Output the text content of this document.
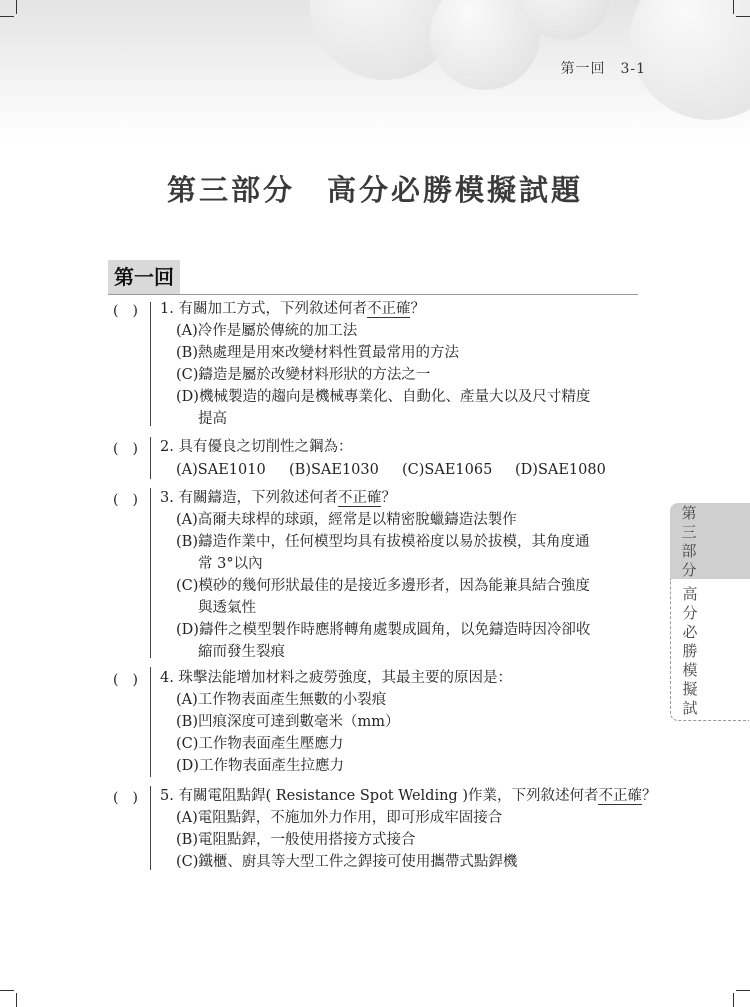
第一回　3-1
第三部分　高分必勝模擬試題
第一回
(　) 1. 有關加工方式，下列敘述何者不正確？
(A)冷作是屬於傳統的加工法
(B)熱處理是用來改變材料性質最常用的方法
(C)鑄造是屬於改變材料形狀的方法之一
(D)機械製造的趨向是機械專業化、自動化、產量大以及尺寸精度
提高
(　) 2. 具有優良之切削性之鋼為：
(A)SAE1010 (B)SAE1030 (C)SAE1065 (D)SAE1080
(　) 3. 有關鑄造，下列敘述何者不正確？
(A)高爾夫球桿的球頭，經常是以精密脫蠟鑄造法製作
(B)鑄造作業中，任何模型均具有拔模裕度以易於拔模，其角度通
常 3°以內
(C)模砂的幾何形狀最佳的是接近多邊形者，因為能兼具結合強度
與透氣性
(D)鑄件之模型製作時應將轉角處製成圓角，以免鑄造時因冷卻收
縮而發生裂痕
(　) 4. 珠擊法能增加材料之疲勞強度，其最主要的原因是：
(A)工作物表面產生無數的小裂痕
(B)凹痕深度可達到數毫米（mm）
(C)工作物表面產生壓應力
(D)工作物表面產生拉應力
(　) 5. 有關電阻點銲( Resistance Spot Welding )作業，下列敘述何者不正確？
(A)電阻點銲，不施加外力作用，即可形成牢固接合
(B)電阻點銲，一般使用搭接方式接合
(C)鐵櫃、廚具等大型工件之銲接可使用攜帶式點銲機
第
三
部
分
高
分
必
勝
模
擬
試
